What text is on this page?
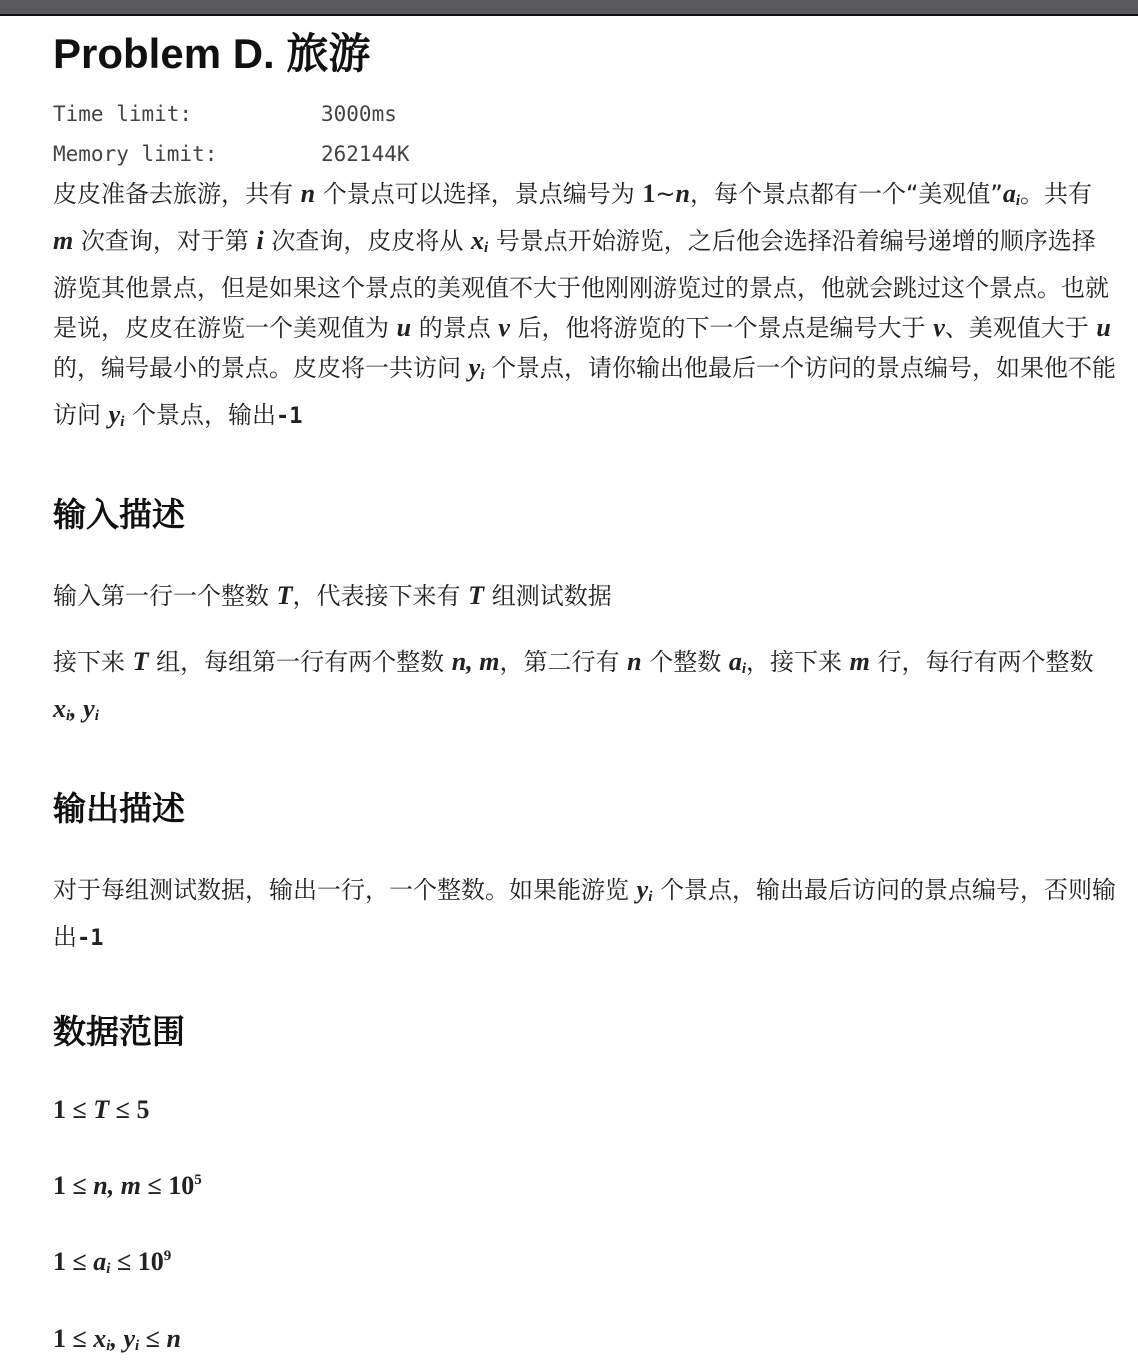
Problem D. 旅游
Time limit:	3000ms
Memory limit:	262144K

皮皮准备去旅游，共有 n 个景点可以选择，景点编号为 1~n，每个景点都有一个“美观值$”a_i$。共有 m 次查询，对于第 i 次查询，皮皮将从 $x_i$ 号景点开始游览，之后他会选择沿着编号递增的顺序选择游览其他景点，但是如果这个景点的美观值不大于他刚刚游览过的景点，他就会跳过这个景点。也就是说，皮皮在游览一个美观值为 u 的景点 v 后，他将游览的下一个景点是编号大于 v、美观值大于 u 的，编号最小的景点。皮皮将一共访问 $y_i$ 个景点，请你输出他最后一个访问的景点编号，如果他不能访问 $y_i$ 个景点，输出-1

输入描述

输入第一行一个整数 T，代表接下来有 T 组测试数据

接下来 T 组，每组第一行有两个整数 n, m，第二行有 n 个整数 $a_i$，接下来 m 行，每行有两个整数 $x_i$, $y_i$

输出描述

对于每组测试数据，输出一行，一个整数。如果能游览 $y_i$ 个景点，输出最后访问的景点编号，否则输出-1

数据范围

1 ≤ T ≤ 5

1 ≤ n, $m \le 10^5$

$1 \le a_i \le 10^9$

$1 \le x_i$, $y_i \le n$
